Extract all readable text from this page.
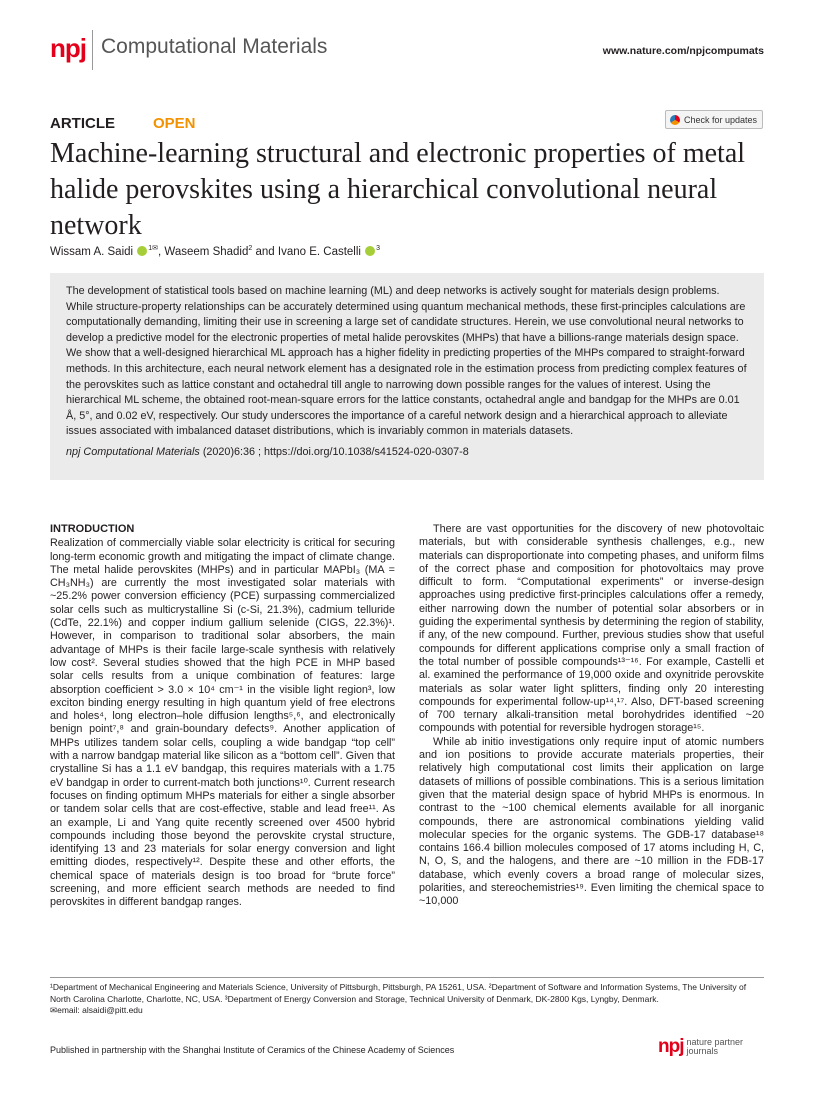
npj Computational Materials	www.nature.com/npjcompumats
ARTICLE	OPEN	Check for updates
Machine-learning structural and electronic properties of metal halide perovskites using a hierarchical convolutional neural network
Wissam A. Saidi $^{1✉}$, Waseem Shadid$^2$ and Ivano E. Castelli $^3$
The development of statistical tools based on machine learning (ML) and deep networks is actively sought for materials design problems. While structure-property relationships can be accurately determined using quantum mechanical methods, these first-principles calculations are computationally demanding, limiting their use in screening a large set of candidate structures. Herein, we use convolutional neural networks to develop a predictive model for the electronic properties of metal halide perovskites (MHPs) that have a billions-range materials design space. We show that a well-designed hierarchical ML approach has a higher fidelity in predicting properties of the MHPs compared to straight-forward methods. In this architecture, each neural network element has a designated role in the estimation process from predicting complex features of the perovskites such as lattice constant and octahedral till angle to narrowing down possible ranges for the values of interest. Using the hierarchical ML scheme, the obtained root-mean-square errors for the lattice constants, octahedral angle and bandgap for the MHPs are 0.01 Å, 5°, and 0.02 eV, respectively. Our study underscores the importance of a careful network design and a hierarchical approach to alleviate issues associated with imbalanced dataset distributions, which is invariably common in materials datasets.
npj Computational Materials (2020)6:36 ; https://doi.org/10.1038/s41524-020-0307-8
INTRODUCTION

Realization of commercially viable solar electricity is critical for securing long-term economic growth and mitigating the impact of climate change. The metal halide perovskites (MHPs) and in particular MAPbI₃ (MA = CH₃NH₃) are currently the most investigated solar materials with ~25.2% power conversion efficiency (PCE) surpassing commercialized solar cells such as multicrystalline Si (c-Si, 21.3%), cadmium telluride (CdTe, 22.1%) and copper indium gallium selenide (CIGS, 22.3%)¹. However, in comparison to traditional solar absorbers, the main advantage of MHPs is their facile large-scale synthesis with relatively low cost². Several studies showed that the high PCE in MHP based solar cells results from a unique combination of features: large absorption coefficient > 3.0 × 10⁴ cm⁻¹ in the visible light region³, low exciton binding energy resulting in high quantum yield of free electrons and holes⁴, long electron–hole diffusion lengths⁵,⁶, and electronically benign point⁷,⁸ and grain-boundary defects⁹. Another application of MHPs utilizes tandem solar cells, coupling a wide bandgap “top cell” with a narrow bandgap material like silicon as a “bottom cell”. Given that crystalline Si has a 1.1 eV bandgap, this requires materials with a 1.75 eV bandgap in order to current-match both junctions¹⁰. Current research focuses on finding optimum MHPs materials for either a single absorber or tandem solar cells that are cost-effective, stable and lead free¹¹. As an example, Li and Yang quite recently screened over 4500 hybrid compounds including those beyond the perovskite crystal structure, identifying 13 and 23 materials for solar energy conversion and light emitting diodes, respectively¹². Despite these and other efforts, the chemical space of materials design is too broad for “brute force” screening, and more efficient search methods are needed to find perovskites in different bandgap ranges.

There are vast opportunities for the discovery of new photovoltaic materials, but with considerable synthesis challenges, e.g., new materials can disproportionate into competing phases, and uniform films of the correct phase and composition for photovoltaics may prove difficult to form. “Computational experiments” or inverse-design approaches using predictive first-principles calculations offer a remedy, either narrowing down the number of potential solar absorbers or in guiding the experimental synthesis by determining the region of stability, if any, of the new compound. Further, previous studies show that useful compounds for different applications comprise only a small fraction of the total number of possible compounds¹³⁻¹⁶. For example, Castelli et al. examined the performance of 19,000 oxide and oxynitride perovskite materials as solar water light splitters, finding only 20 interesting compounds for experimental follow-up¹⁴,¹⁷. Also, DFT-based screening of 700 ternary alkali-transition metal borohydrides identified ~20 compounds with potential for reversible hydrogen storage¹⁵.

While ab initio investigations only require input of atomic numbers and ion positions to provide accurate materials properties, their relatively high computational cost limits their application on large datasets of millions of possible combinations. This is a serious limitation given that the material design space of hybrid MHPs is enormous. In contrast to the ~100 chemical elements available for all inorganic compounds, there are astronomical combinations yielding valid molecular species for the organic systems. The GDB-17 database¹⁸ contains 166.4 billion molecules composed of 17 atoms including H, C, N, O, S, and the halogens, and there are ~10 million in the FDB-17 database, which evenly covers a broad range of molecular sizes, polarities, and stereochemistries¹⁹. Even limiting the chemical space to ~10,000

¹Department of Mechanical Engineering and Materials Science, University of Pittsburgh, Pittsburgh, PA 15261, USA. ²Department of Software and Information Systems, The University of North Carolina Charlotte, Charlotte, NC, USA. ³Department of Energy Conversion and Storage, Technical University of Denmark, DK-2800 Kgs, Lyngby, Denmark.
✉email: alsaidi@pitt.edu
Published in partnership with the Shanghai Institute of Ceramics of the Chinese Academy of Sciences	npj nature partner
journals
